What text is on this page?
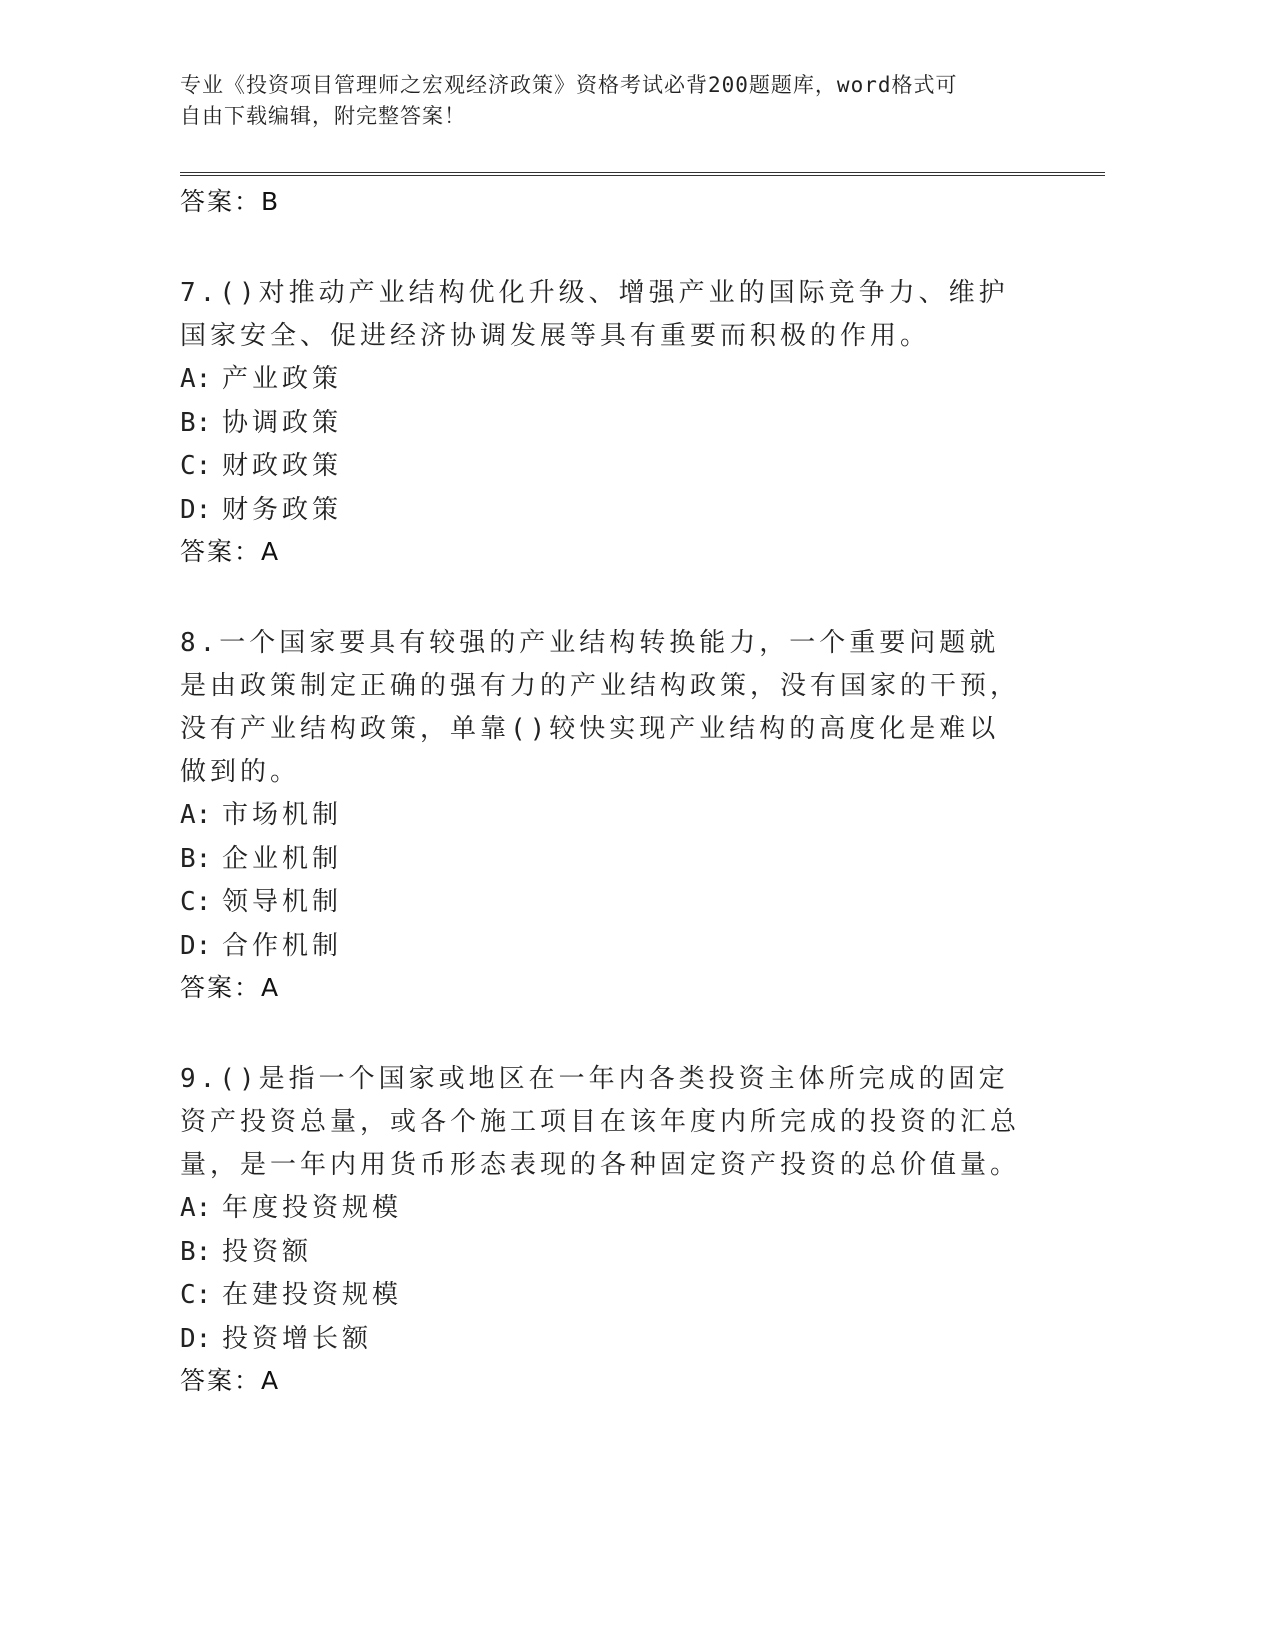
专业《投资项目管理师之宏观经济政策》资格考试必背200题题库，word格式可
自由下载编辑，附完整答案！
答案：B
7.()对推动产业结构优化升级、增强产业的国际竞争力、维护国家安全、促进经济协调发展等具有重要而积极的作用。
A: 产业政策
B: 协调政策
C: 财政政策
D: 财务政策
答案：A
8.一个国家要具有较强的产业结构转换能力，一个重要问题就是由政策制定正确的强有力的产业结构政策，没有国家的干预，没有产业结构政策，单靠()较快实现产业结构的高度化是难以做到的。
A: 市场机制
B: 企业机制
C: 领导机制
D: 合作机制
答案：A
9.()是指一个国家或地区在一年内各类投资主体所完成的固定资产投资总量，或各个施工项目在该年度内所完成的投资的汇总量，是一年内用货币形态表现的各种固定资产投资的总价值量。
A: 年度投资规模
B: 投资额
C: 在建投资规模
D: 投资增长额
答案：A
